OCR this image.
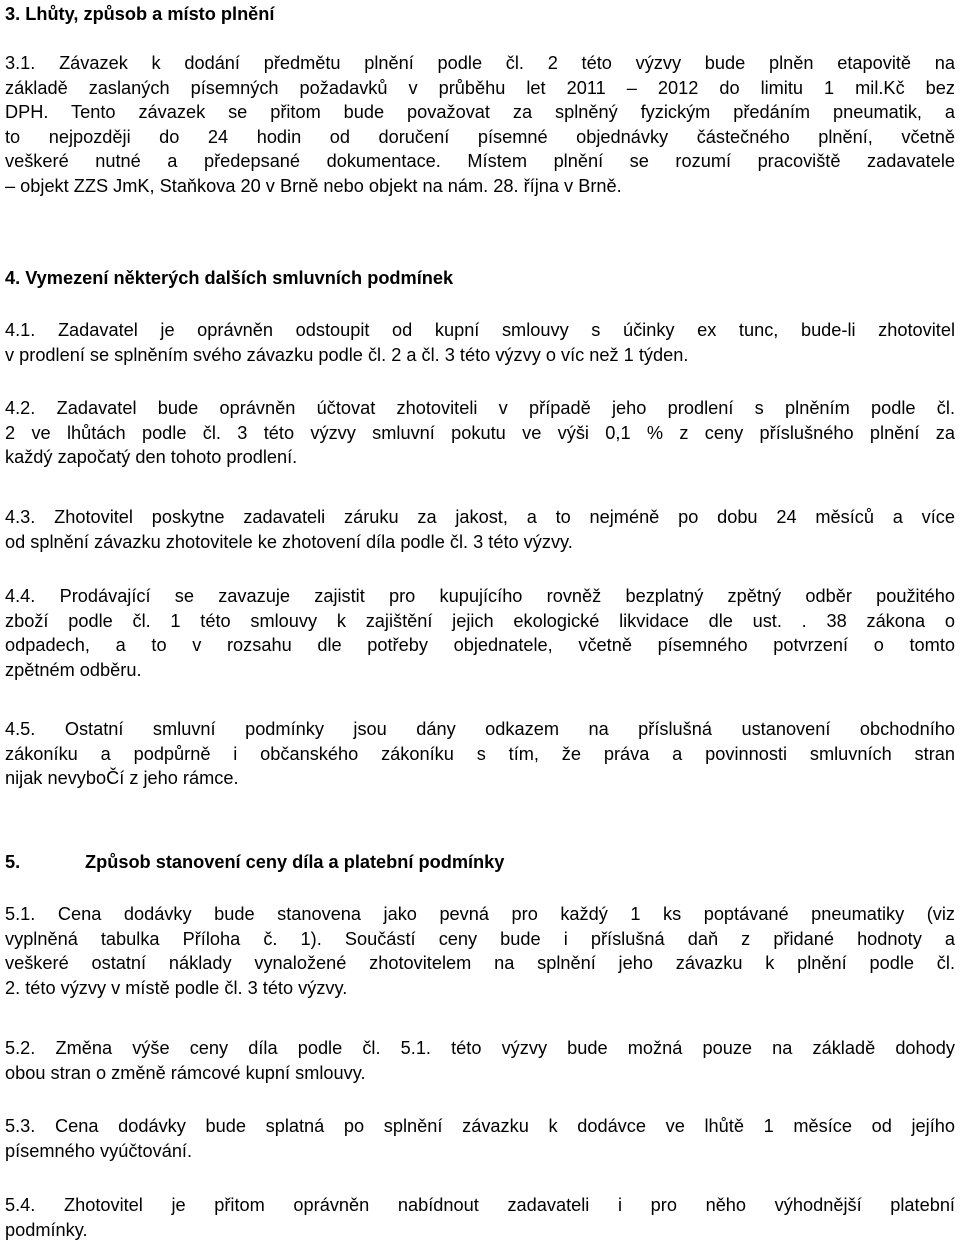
3. Lhůty, způsob a místo plnění
3.1. Závazek k dodání předmětu plnění podle čl. 2 této výzvy bude plněn etapovitě na
základě zaslaných písemných požadavků v průběhu let 2011 – 2012 do limitu 1 mil.Kč bez
DPH. Tento závazek se přitom bude považovat za splněný fyzickým předáním pneumatik, a
to nejpozději do 24 hodin od doručení písemné objednávky částečného plnění, včetně
veškeré nutné a předepsané dokumentace. Místem plnění se rozumí pracoviště zadavatele
– objekt ZZS JmK, Staňkova 20 v Brně nebo objekt na nám. 28. října v Brně.
4. Vymezení některých dalších smluvních podmínek
4.1. Zadavatel je oprávněn odstoupit od kupní smlouvy s účinky ex tunc, bude-li zhotovitel
v prodlení se splněním svého závazku podle čl. 2 a čl. 3 této výzvy o víc než 1 týden.
4.2. Zadavatel bude oprávněn účtovat zhotoviteli v případě jeho prodlení s plněním podle čl.
2 ve lhůtách podle čl. 3 této výzvy smluvní pokutu ve výši 0,1 % z ceny příslušného plnění za
každý započatý den tohoto prodlení.
4.3. Zhotovitel poskytne zadavateli záruku za jakost, a to nejméně po dobu 24 měsíců a více
od splnění závazku zhotovitele ke zhotovení díla podle čl. 3 této výzvy.
4.4. Prodávající se zavazuje zajistit pro kupujícího rovněž bezplatný zpětný odběr použitého
zboží podle čl. 1 této smlouvy k zajištění jejich ekologické likvidace dle ust. . 38 zákona o
odpadech, a to v rozsahu dle potřeby objednatele, včetně písemného potvrzení o tomto
zpětném odběru.
4.5. Ostatní smluvní podmínky jsou dány odkazem na příslušná ustanovení obchodního
zákoníku a podpůrně i občanského zákoníku s tím, že práva a povinnosti smluvních stran
nijak nevyboČí z jeho rámce.
5.	Způsob stanovení ceny díla a platební podmínky
5.1. Cena dodávky bude stanovena jako pevná pro každý 1 ks poptávané pneumatiky (viz
vyplněná tabulka Příloha č. 1). Součástí ceny bude i příslušná daň z přidané hodnoty a
veškeré ostatní náklady vynaložené zhotovitelem na splnění jeho závazku k plnění podle čl.
2. této výzvy v místě podle čl. 3 této výzvy.
5.2. Změna výše ceny díla podle čl. 5.1. této výzvy bude možná pouze na základě dohody
obou stran o změně rámcové kupní smlouvy.
5.3. Cena dodávky bude splatná po splnění závazku k dodávce ve lhůtě 1 měsíce od jejího
písemného vyúčtování.
5.4. Zhotovitel je přitom oprávněn nabídnout zadavateli i pro něho výhodnější platební
podmínky.
